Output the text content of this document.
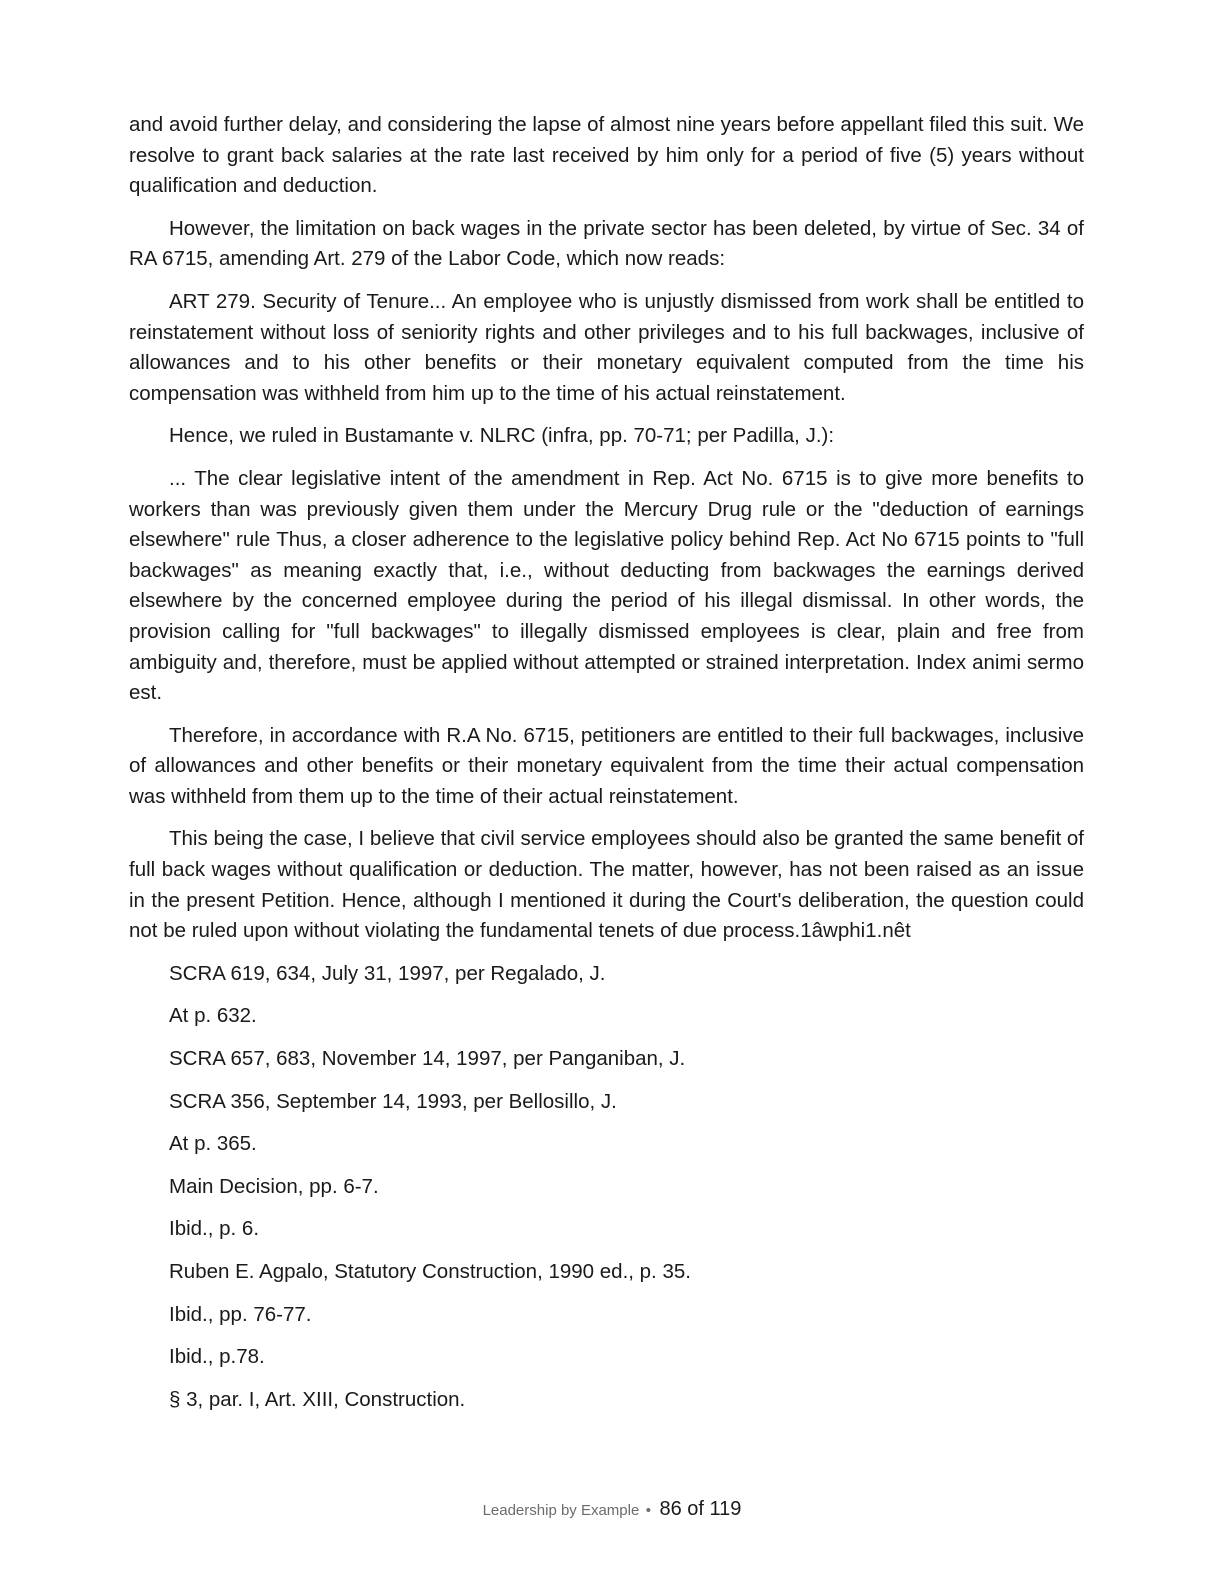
and avoid further delay, and considering the lapse of almost nine years before appellant filed this suit. We resolve to grant back salaries at the rate last received by him only for a period of five (5) years without qualification and deduction.

However, the limitation on back wages in the private sector has been deleted, by virtue of Sec. 34 of RA 6715, amending Art. 279 of the Labor Code, which now reads:

ART 279. Security of Tenure... An employee who is unjustly dismissed from work shall be entitled to reinstatement without loss of seniority rights and other privileges and to his full backwages, inclusive of allowances and to his other benefits or their monetary equivalent computed from the time his compensation was withheld from him up to the time of his actual reinstatement.

Hence, we ruled in Bustamante v. NLRC (infra, pp. 70-71; per Padilla, J.):

... The clear legislative intent of the amendment in Rep. Act No. 6715 is to give more benefits to workers than was previously given them under the Mercury Drug rule or the "deduction of earnings elsewhere" rule Thus, a closer adherence to the legislative policy behind Rep. Act No 6715 points to "full backwages" as meaning exactly that, i.e., without deducting from backwages the earnings derived elsewhere by the concerned employee during the period of his illegal dismissal. In other words, the provision calling for "full backwages" to illegally dismissed employees is clear, plain and free from ambiguity and, therefore, must be applied without attempted or strained interpretation. Index animi sermo est.

Therefore, in accordance with R.A No. 6715, petitioners are entitled to their full backwages, inclusive of allowances and other benefits or their monetary equivalent from the time their actual compensation was withheld from them up to the time of their actual reinstatement.

This being the case, I believe that civil service employees should also be granted the same benefit of full back wages without qualification or deduction. The matter, however, has not been raised as an issue in the present Petition. Hence, although I mentioned it during the Court's deliberation, the question could not be ruled upon without violating the fundamental tenets of due process.1âwphi1.nêt

SCRA 619, 634, July 31, 1997, per Regalado, J.

At p. 632.

SCRA 657, 683, November 14, 1997, per Panganiban, J.

SCRA 356, September 14, 1993, per Bellosillo, J.

At p. 365.

Main Decision, pp. 6-7.

Ibid., p. 6.

Ruben E. Agpalo, Statutory Construction, 1990 ed., p. 35.

Ibid., pp. 76-77.

Ibid., p.78.

§ 3, par. I, Art. XIII, Construction.

Leadership by Example • 86 of 119
